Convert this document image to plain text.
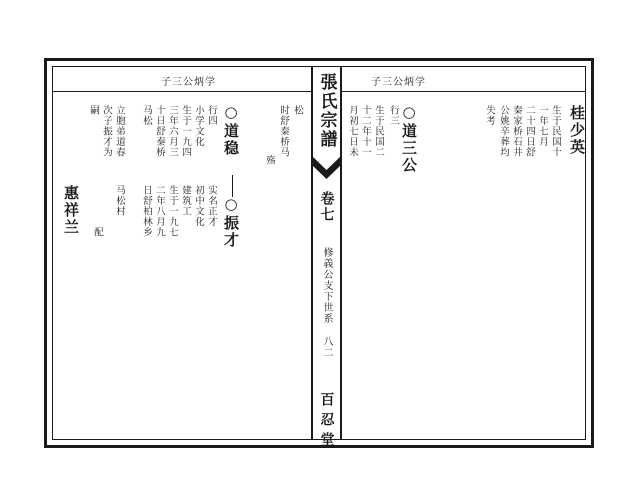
子三公炳学
松
时舒秦桥马
殇
○道稳
行四
小学文化
生于一九四
三年六月三
十日舒秦桥
马松
立胞弟道春
次子振才为
嗣
○振才
实名正才
初中文化
建筑工
生于一九七
二年八月九
日舒柏林乡
马松村
惠祥兰 配
張氏宗譜
卷七
修義公支下世系 八二
百忍堂
子三公炳学
○道三公
行三
生于民国二
十二年十一
月初七日未	桂少英
生于民国十
一年七月
二十四日舒
秦家桥石井
公姚辛葬均
失考
